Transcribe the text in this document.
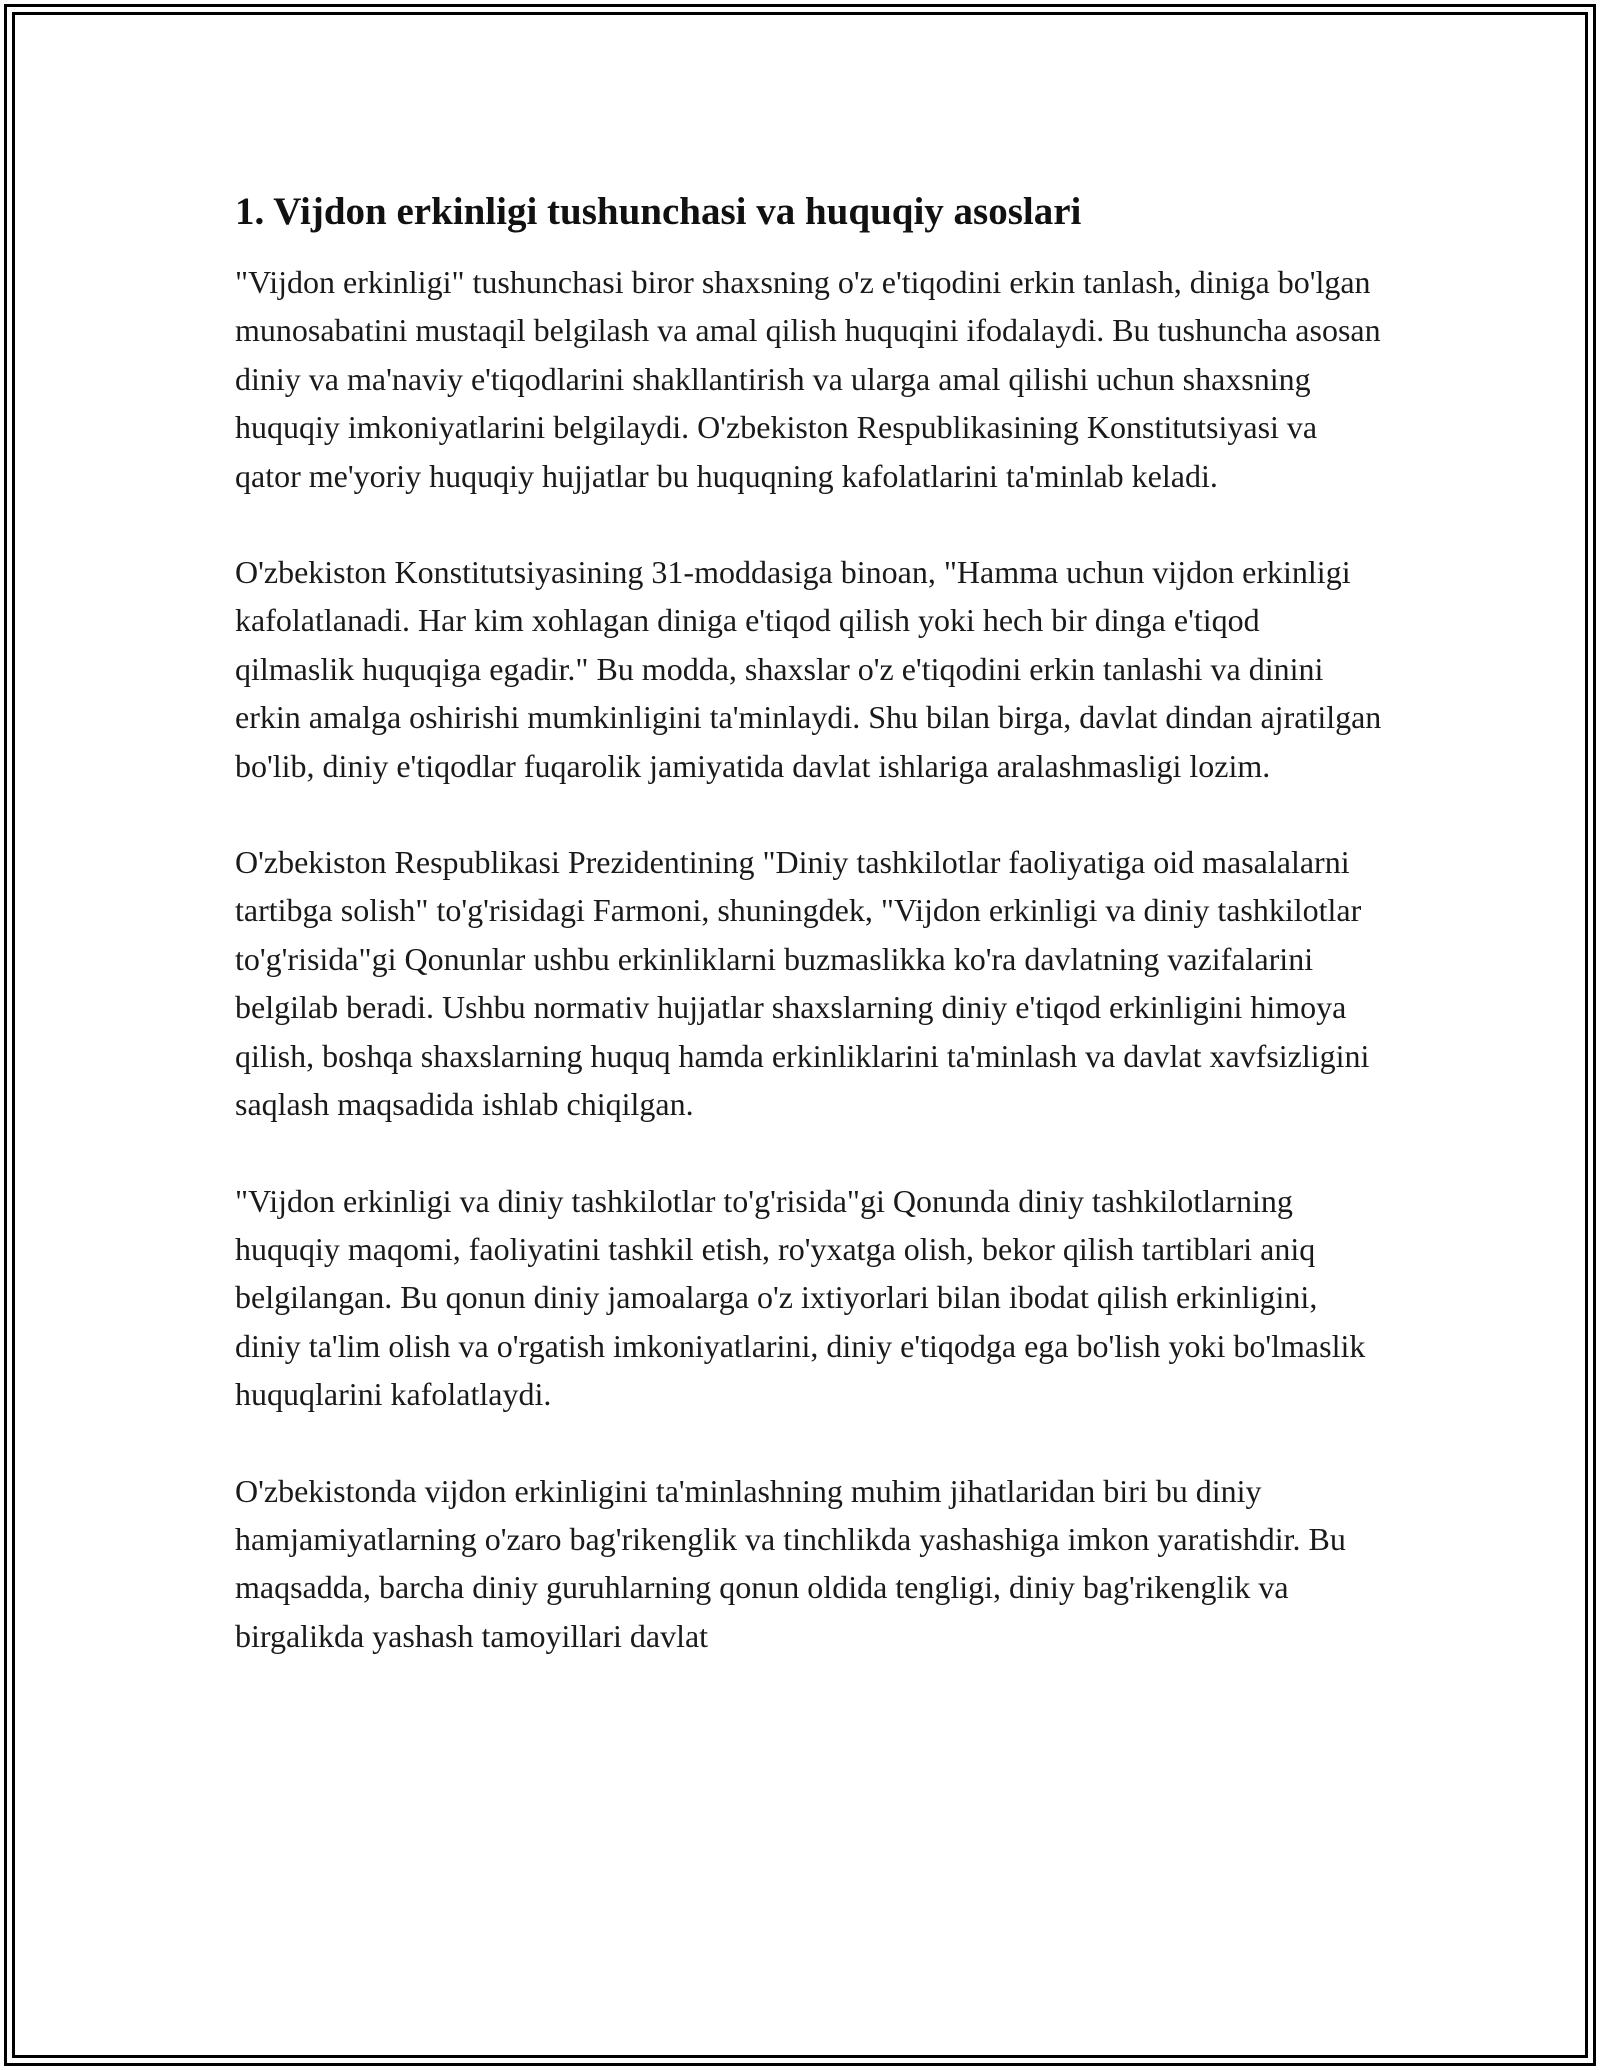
1. Vijdon erkinligi tushunchasi va huquqiy asoslari

"Vijdon erkinligi" tushunchasi biror shaxsning o'z e'tiqodini erkin tanlash, diniga bo'lgan munosabatini mustaqil belgilash va amal qilish huquqini ifodalaydi. Bu tushuncha asosan diniy va ma'naviy e'tiqodlarini shakllantirish va ularga amal qilishi uchun shaxsning huquqiy imkoniyatlarini belgilaydi. O'zbekiston Respublikasining Konstitutsiyasi va qator me'yoriy huquqiy hujjatlar bu huquqning kafolatlarini ta'minlab keladi.

O'zbekiston Konstitutsiyasining 31-moddasiga binoan, "Hamma uchun vijdon erkinligi kafolatlanadi. Har kim xohlagan diniga e'tiqod qilish yoki hech bir dinga e'tiqod qilmaslik huquqiga egadir." Bu modda, shaxslar o'z e'tiqodini erkin tanlashi va dinini erkin amalga oshirishi mumkinligini ta'minlaydi. Shu bilan birga, davlat dindan ajratilgan bo'lib, diniy e'tiqodlar fuqarolik jamiyatida davlat ishlariga aralashmasligi lozim.

O'zbekiston Respublikasi Prezidentining "Diniy tashkilotlar faoliyatiga oid masalalarni tartibga solish" to'g'risidagi Farmoni, shuningdek, "Vijdon erkinligi va diniy tashkilotlar to'g'risida"gi Qonunlar ushbu erkinliklarni buzmaslikka ko'ra davlatning vazifalarini belgilab beradi. Ushbu normativ hujjatlar shaxslarning diniy e'tiqod erkinligini himoya qilish, boshqa shaxslarning huquq hamda erkinliklarini ta'minlash va davlat xavfsizligini saqlash maqsadida ishlab chiqilgan.

"Vijdon erkinligi va diniy tashkilotlar to'g'risida"gi Qonunda diniy tashkilotlarning huquqiy maqomi, faoliyatini tashkil etish, ro'yxatga olish, bekor qilish tartiblari aniq belgilangan. Bu qonun diniy jamoalarga o'z ixtiyorlari bilan ibodat qilish erkinligini, diniy ta'lim olish va o'rgatish imkoniyatlarini, diniy e'tiqodga ega bo'lish yoki bo'lmaslik huquqlarini kafolatlaydi.

O'zbekistonda vijdon erkinligini ta'minlashning muhim jihatlaridan biri bu diniy hamjamiyatlarning o'zaro bag'rikenglik va tinchlikda yashashiga imkon yaratishdir. Bu maqsadda, barcha diniy guruhlarning qonun oldida tengligi, diniy bag'rikenglik va birgalikda yashash tamoyillari davlat
